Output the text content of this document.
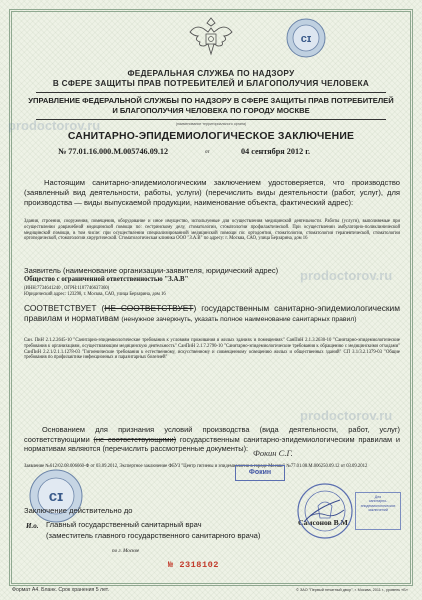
prodoctorov.ru
prodoctorov.ru
prodoctorov.ru
cɪ
ФЕДЕРАЛЬНАЯ СЛУЖБА ПО НАДЗОРУ
В СФЕРЕ ЗАЩИТЫ ПРАВ ПОТРЕБИТЕЛЕЙ И БЛАГОПОЛУЧИЯ ЧЕЛОВЕКА
УПРАВЛЕНИЕ ФЕДЕРАЛЬНОЙ СЛУЖБЫ ПО НАДЗОРУ В СФЕРЕ ЗАЩИТЫ ПРАВ ПОТРЕБИТЕЛЕЙ
И БЛАГОПОЛУЧИЯ ЧЕЛОВЕКА ПО ГОРОДУ МОСКВЕ
(наименование территориального органа)
САНИТАРНО-ЭПИДЕМИОЛОГИЧЕСКОЕ ЗАКЛЮЧЕНИЕ
№ 77.01.16.000.М.005746.09.12	от	04 сентября 2012 г.
Настоящим санитарно-эпидемиологическим заключением удостоверяется, что производство (заявленный вид деятельности, работы, услуги) (перечислить виды деятельности (работ, услуг), для производства — виды выпускаемой продукции, наименование объекта, фактический адрес):
Здания, строения, сооружения, помещения, оборудование и иное имущество, используемые для осуществления медицинской деятельности. Работы (услуги), выполняемые при осуществлении доврачебной медицинской помощи по: сестринскому делу, стоматологии, стоматологии профилактической. При осуществлении амбулаторно-поликлинической медицинской помощи, в том числе: при осуществлении специализированной медицинской помощи по: ортодонтии, стоматологии, стоматологии терапевтической, стоматологии ортопедической, стоматологии хирургической. Стоматологическая клиника ООО "З.А.В" по адресу: г. Москва, САО, улица Берзарина, дом 16
Заявитель (наименование организации-заявителя, юридический адрес)
Общество с ограниченной ответственностью "З.А.В"
(ИНН:7734641240 , ОГРН:1107746637360)
Юридический адрес: 123298, г. Москва, САО, улица Берзарина, дом 16
СООТВЕТСТВУЕТ (НЕ СООТВЕТСТВУЕТ) государственным санитарно-эпидемиологическим правилам и нормативам (ненужное зачеркнуть, указать полное наименование санитарных правил)
Сан. ПиН 2.1.2.2645-10 "Санитарно-эпидемиологические требования к условиям проживания в жилых зданиях и помещениях" СанПиН 2.1.3.2630-10 "Санитарно-эпидемиологические требования к организациям, осуществляющим медицинскую деятельность" СанПиН 2.1.7.2790-10 "Санитарно-эпидемиологические требования к обращению с медицинскими отходами" СанПиН 2.2.1/2.1.1.1278-03 "Гигиенические требования к естественному, искусственному и совмещенному освещению жилых и общественных зданий" СП 3.1/3.2.1379-03 "Общие требования по профилактике инфекционных и паразитарных болезней"
Основанием для признания условий производства (вида деятельности, работ, услуг) соответствующими (не соответствующими) государственным санитарно-эпидемиологическим правилам и нормативам являются (перечислить рассмотренные документы):
Заявление №612/02.08.006660-Ф от 03.09.2012, Экспертное заключение ФБУЗ "Центр гигиены и эпидемиологии в городе Москве" №77.01.08.М.006250.09.12 от 03.09.2012
cɪ
Фокин С.Г.
Фокин
Заключение действительно до
И.о. Главный государственный санитарный врач
(заместитель главного государственного санитарного врача)
Самсонов В.М.
по г. Москве
Для
санитарно-
эпидемиологических
заключений
№ 2318102
Формат А4. Бланк. Срок хранения 5 лет.	© ЗАО "Первый печатный двор", г. Москва, 2011 г., уровень «Б»
